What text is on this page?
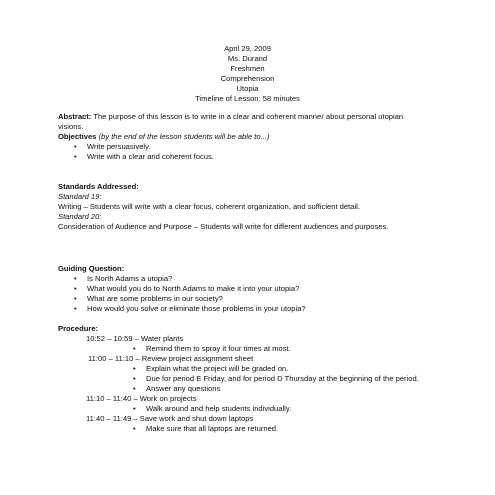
April 29, 2009
Ms. Durand
Freshmen
Comprehension
Utopia
Timeline of Lesson: 58 minutes

Abstract: The purpose of this lesson is to write in a clear and coherent manner about personal utopian visions.

Objectives (by the end of the lesson students will be able to...)

• Write persuasively.
• Write with a clear and coherent focus.

Standards Addressed:

Standard 19:

Writing – Students will write with a clear focus, coherent organization, and sufficient detail.

Standard 20:

Consideration of Audience and Purpose – Students will write for different audiences and purposes.

Guiding Question:

• Is North Adams a utopia?
• What would you do to North Adams to make it into your utopia?
• What are some problems in our society?
• How would you solve or eliminate those problems in your utopia?

Procedure:

10:52 – 10:59 – Water plants

• Remind them to spray it four times at most.

11:00 – 11:10 – Review project assignment sheet

• Explain what the project will be graded on.
• Due for period E Friday, and for period D Thursday at the beginning of the period.
• Answer any questions

11:10 – 11:40 – Work on projects

• Walk around and help students individually.

11:40 – 11:49 – Save work and shut down laptops

• Make sure that all laptops are returned.
